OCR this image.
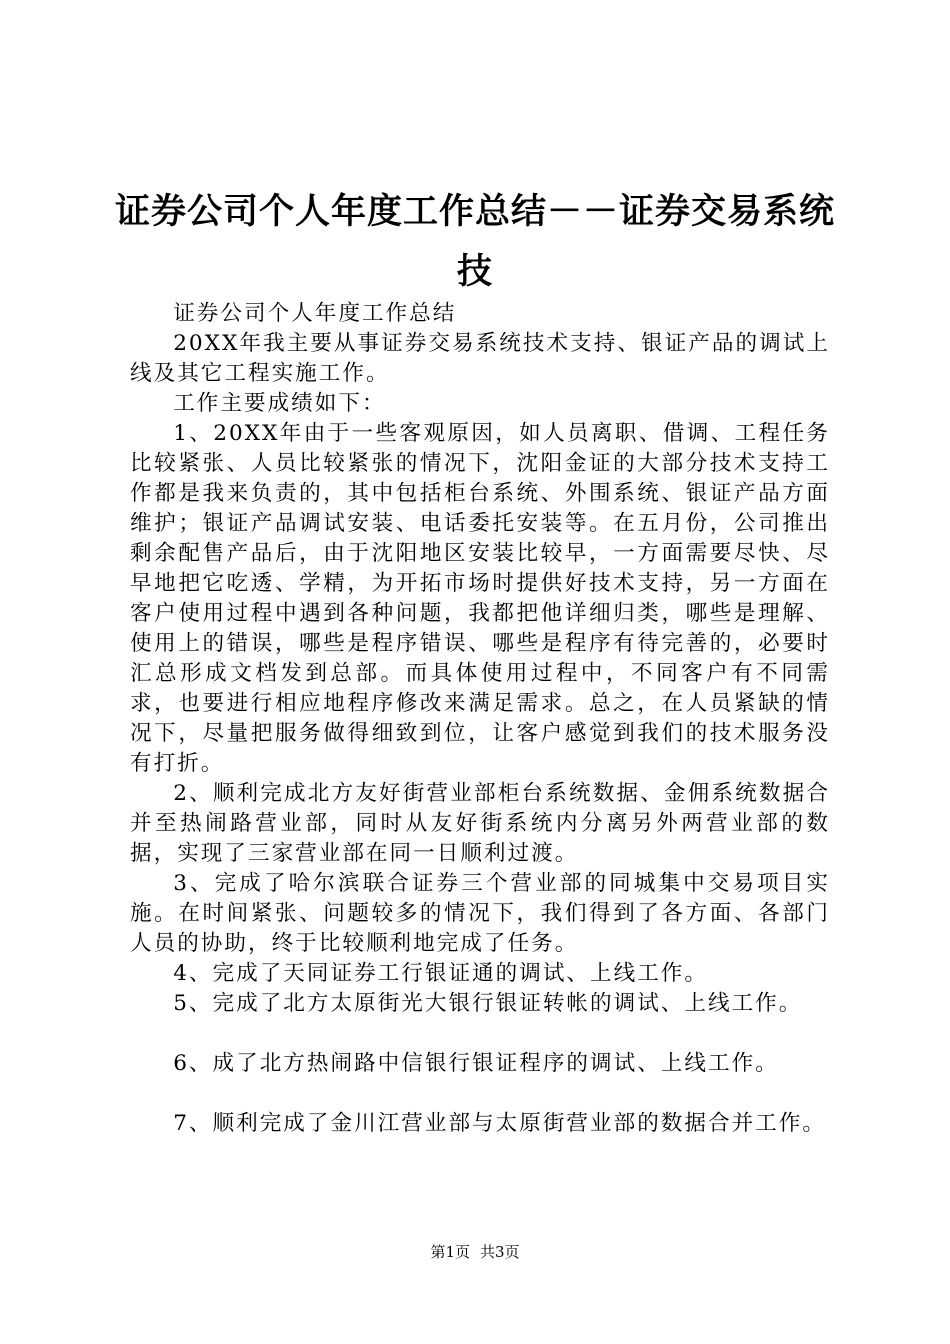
证券公司个人年度工作总结－－证券交易系统技

证券公司个人年度工作总结

20XX年我主要从事证券交易系统技术支持、银证产品的调试上线及其它工程实施工作。

工作主要成绩如下：

1、20XX年由于一些客观原因，如人员离职、借调、工程任务比较紧张、人员比较紧张的情况下，沈阳金证的大部分技术支持工作都是我来负责的，其中包括柜台系统、外围系统、银证产品方面维护；银证产品调试安装、电话委托安装等。在五月份，公司推出剩余配售产品后，由于沈阳地区安装比较早，一方面需要尽快、尽早地把它吃透、学精，为开拓市场时提供好技术支持，另一方面在客户使用过程中遇到各种问题，我都把他详细归类，哪些是理解、使用上的错误，哪些是程序错误、哪些是程序有待完善的，必要时汇总形成文档发到总部。而具体使用过程中，不同客户有不同需求，也要进行相应地程序修改来满足需求。总之，在人员紧缺的情况下，尽量把服务做得细致到位，让客户感觉到我们的技术服务没有打折。

2、顺利完成北方友好街营业部柜台系统数据、金佣系统数据合并至热闹路营业部，同时从友好街系统内分离另外两营业部的数据，实现了三家营业部在同一日顺利过渡。

3、完成了哈尔滨联合证券三个营业部的同城集中交易项目实施。在时间紧张、问题较多的情况下，我们得到了各方面、各部门人员的协助，终于比较顺利地完成了任务。

4、完成了天同证券工行银证通的调试、上线工作。

5、完成了北方太原街光大银行银证转帐的调试、上线工作。

6、成了北方热闹路中信银行银证程序的调试、上线工作。

7、顺利完成了金川江营业部与太原街营业部的数据合并工作。

第1页 共3页
